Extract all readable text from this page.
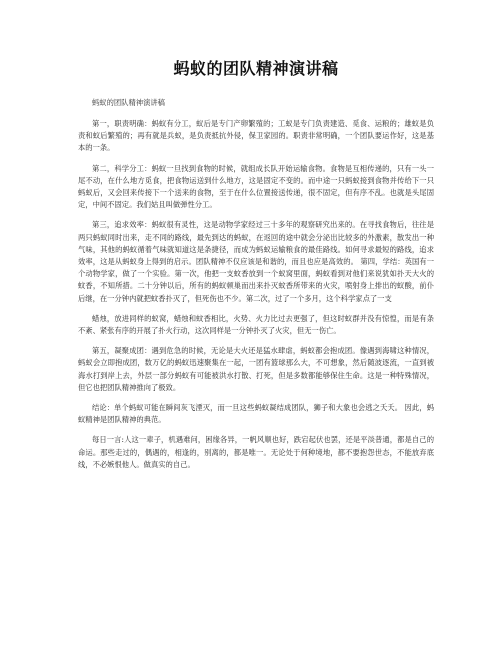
蚂蚁的团队精神演讲稿

蚂蚁的团队精神演讲稿

第一，职责明确：蚂蚁有分工，蚁后是专门产卵繁殖的；工蚁是专门负责建造、觅食、运粮的；雄蚁是负责和蚁后繁殖的；再有就是兵蚁，是负责抵抗外侵，保卫家园的。职责非常明确，一个团队要运作好，这是基本的一条。

第二，科学分工：蚂蚁一旦找到食物的时候，就组成长队开始运输食物。食物是互相传递的，只有一头一尾不动，在什么地方觅食，把食物运送到什么地方，这是固定不变的。而中途一只蚂蚁接到食物并传给下一只蚂蚁后，又会回来传接下一个送来的食物，至于在什么位置接送传递，很不固定，但有序不乱。也就是头尾固定，中间不固定。我们姑且叫做弹性分工。

第三，追求效率：蚂蚁很有灵性，这是动物学家经过三十多年的观察研究出来的。在寻找食物后，往往是两只蚂蚁同时出来，走不同的路线，最先到达的蚂蚁，在返回的途中就会分泌出比较多的外激素，散发出一种气味，其他的蚂蚁循着气味就知道这是条捷径，而成为蚂蚁运输粮食的最佳路线。如何寻求最短的路线，追求效率，这是从蚂蚁身上得到的启示。团队精神不仅应该是和谐的，而且也应是高效的。 第四，学结：英国有一个动物学家，做了一个实验。第一次，他把一支蚊香放到一个蚁窝里面，蚂蚁看到对他们来说犹如扑天大火的蚊香，不知所措。二十分钟以后，所有的蚂蚁顿巢而出来扑灭蚊香所带来的火灾，喷射身上排出的蚁酸，前仆后继，在一分钟内就把蚊香扑灭了，但死伤也不少。第二次，过了一个多月，这个科学家点了一支

蜡烛，放进同样的蚁窝，蜡烛和蚊香相比，火势、火力比过去更强了，但这时蚁群并没有惊惶，而是有条不紊、紧张有序的开展了扑火行动，这次同样是一分钟扑灭了火灾，但无一伤亡。

第五，凝聚成团：遇到危急的时候，无论是大火还是猛水肆虐，蚂蚁都会抱成团。像遇到海啸这种情况，蚂蚁会立即抱成团，数万亿的蚂蚁迅速聚集在一起，一团有篮球那么大，不可想象，然后随波逐流，一直到被海水打到岸上去，外层一部分蚂蚁有可能被洪水打散、打死，但是多数都能够保住生命。这是一种特殊情况，但它也把团队精神推向了极致。

结论：单个蚂蚁可能在瞬间灰飞湮灭，而一旦这些蚂蚁凝结成团队，狮子和大象也会逃之夭夭。 因此，蚂蚁精神是团队精神的典范。

每日一言:人这一辈子，机遇难问，困缘各异，一帆风顺也好，跌宕起伏也罢，还是平淡普通，都是自己的命运。那些走过的，偶遇的，相逢的，别离的，都是唯一。无论处于何种境地，都不要抱怨世态，不能放弃底线，不必嫉恨他人。做真实的自己。
